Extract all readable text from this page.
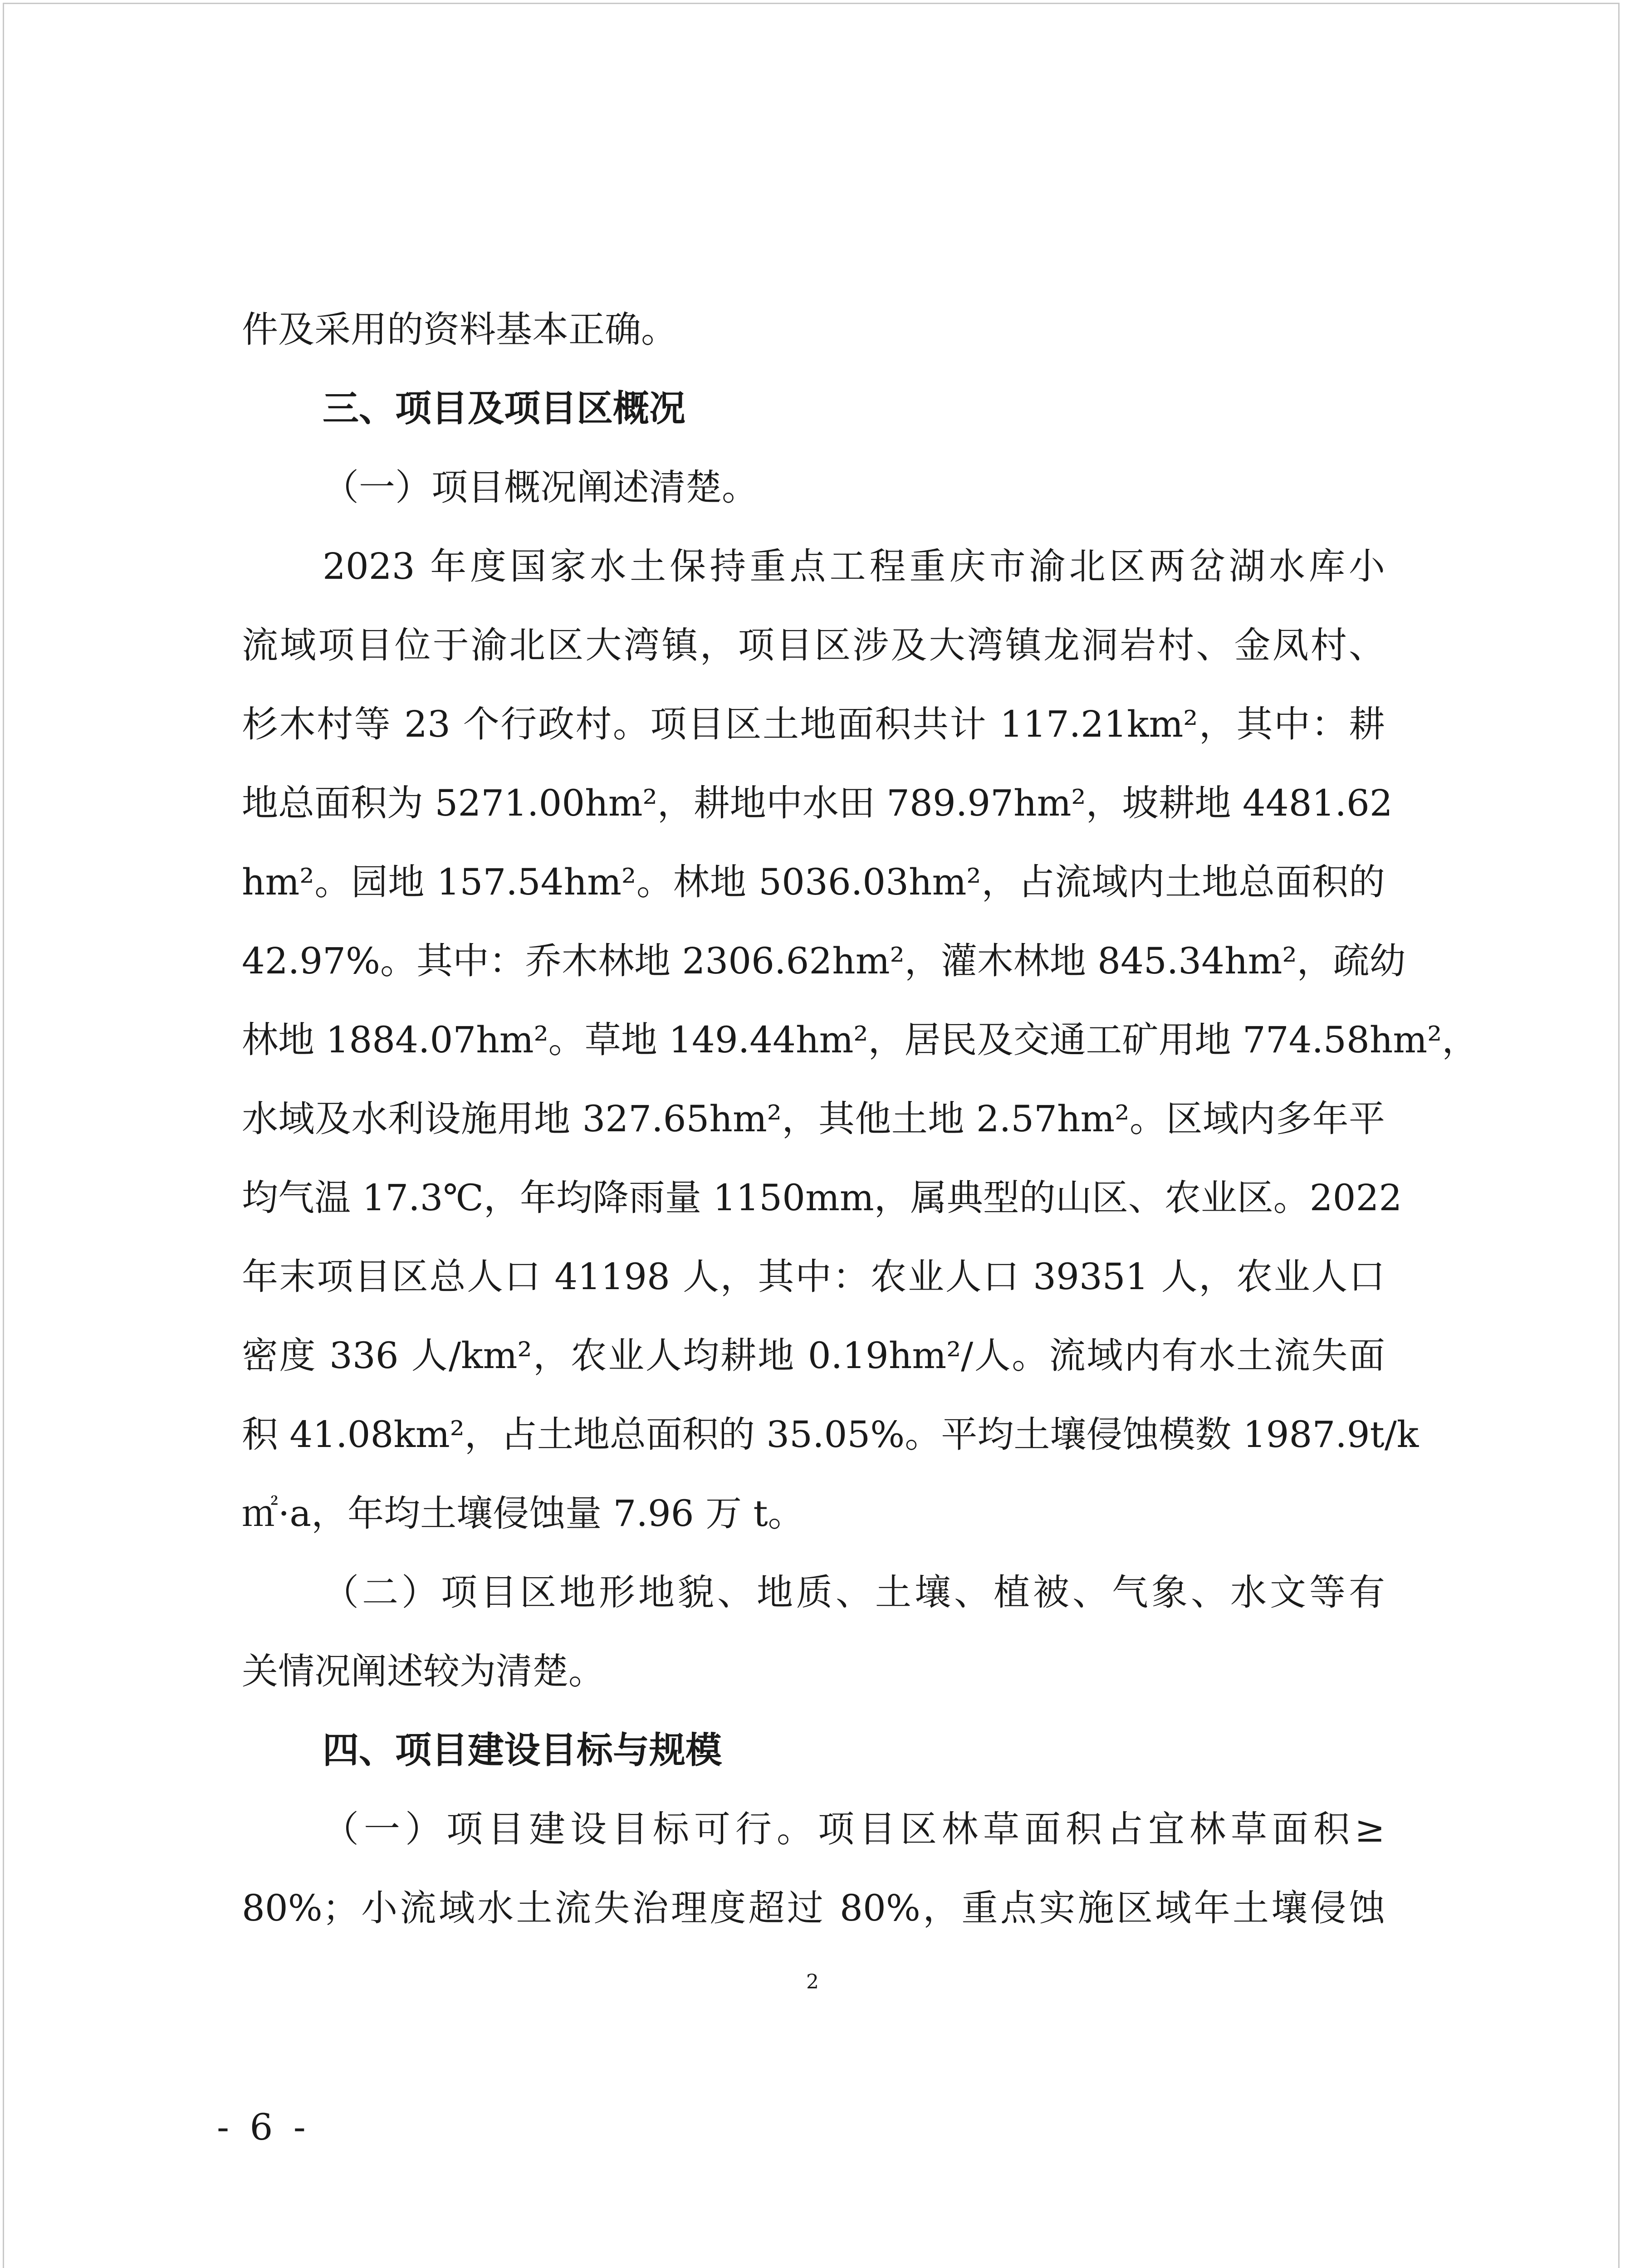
件及采用的资料基本正确。
三、项目及项目区概况
（一）项目概况阐述清楚。
2023 年度国家水土保持重点工程重庆市渝北区两岔湖水库小
流域项目位于渝北区大湾镇，项目区涉及大湾镇龙洞岩村、金凤村、
杉木村等 23 个行政村。项目区土地面积共计 117.21km²，其中：耕
地总面积为 5271.00hm²，耕地中水田 789.97hm²，坡耕地 4481.62
hm²。园地 157.54hm²。林地 5036.03hm²，占流域内土地总面积的
42.97%。其中：乔木林地 2306.62hm²，灌木林地 845.34hm²，疏幼
林地 1884.07hm²。草地 149.44hm²，居民及交通工矿用地 774.58hm²，
水域及水利设施用地 327.65hm²，其他土地 2.57hm²。区域内多年平
均气温 17.3℃，年均降雨量 1150mm，属典型的山区、农业区。2022
年末项目区总人口 41198 人，其中：农业人口 39351 人，农业人口
密度 336 人/km²，农业人均耕地 0.19hm²/人。流域内有水土流失面
积 41.08km²，占土地总面积的 35.05%。平均土壤侵蚀模数 1987.9t/k
㎡·a，年均土壤侵蚀量 7.96 万 t。
（二）项目区地形地貌、地质、土壤、植被、气象、水文等有
关情况阐述较为清楚。
四、项目建设目标与规模
（一）项目建设目标可行。项目区林草面积占宜林草面积≥
80%；小流域水土流失治理度超过 80%，重点实施区域年土壤侵蚀
2
- 6 -
